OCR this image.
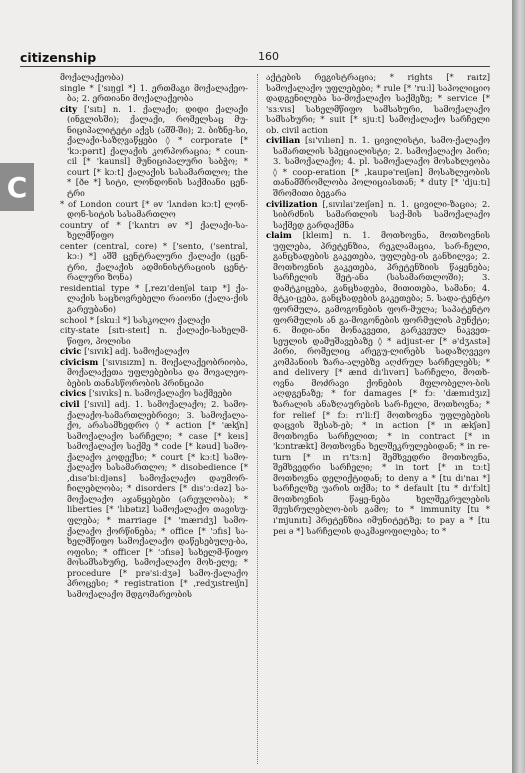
citizenship	160
C

მოქალაქეობა)

single * ['sıŋgl *] 1. ერთმაგი მოქალაქეო-ბა; 2. ერთიანი მოქალაქეობა

city ['sıtı] n. 1. ქალაქი; დიდი ქალაქი (ინგლისში); ქალაქი, რომელსაც მუ-ნიციპალიტეტი აქვს (აშშ-ში); 2. ბიზნე-სი, ქალაქი-საზღვაწყები ◊ * corporate [* 'kɔːpərıt] ქალაქის კორპორაცია; * coun-cil [* 'kaunsl] მუნიციპალური საბჭო; * court [* kɔːt] ქალაქის სასამართლო; the * [ðe *] სიტი, ლონდონის საქმიანი ცენ-ტრი

* of London court [* əv 'lʌndən kɔːt] ლონ-დონ-სიტის სასამართლო

country of * ['kʌntrı əv *] ქალაქი-სა-ხელმწიფო

center (central, core) * ['sento, ('sentral, kɔː) *] აშშ ცენტრალური ქალაქი (ცენ-ტრი, ქალაქის ადმინისტრაციის ცენტ-რალური ზონა)

residential type * [,rezı'denʃəl taıp *] ქა-ლაქის საცხოვრებელი რაიონი (ქალა-ქის გარეუბანი)

school * [skuːl *] სასკოლო ქალაქი

city-state [sıtı-steıt] n. ქალაქი-სახელმ-წიფო, პოლისი

civic ['sıvık] adj. სამოქალაქო

civicism ['sıvısızm] n. მოქალაქეობრიობა, მოქალაქეთა უფლებებისა და მოვალეო-ბების თანასწორობის პრინციპი

civics ['sıvıks] n. სამოქალაქო საქმეები

civil ['sıvıl] adj. 1. სამოქალაქო; 2. სამო-ქალაქო-სამართლებრივი; 3. სამოქალა-ქო, არასამხედრო ◊ * action [* 'ækʃn] სამოქალაქო სარჩელი; * case [* keıs] სამოქალაქო საქმე * code [* kəud] სამო-ქალაქო კოდექსი; * court [* kɔːt] სამო-ქალაქო სასამართლო; * disobedience [* ,dısə'biːdjəns] სამოქალაქო დაუმორ-ჩილებლობა; * disorders [* dıs'ɔːdəz] სა-მოქალაქო აჯანყებები (არეულობა); * liberties [* 'lıbətız] სამოქალაქო თავისუ-ფლება; * marriage [* 'mærıdʒ] სამო-ქალაქო ქორწინება; * office [* 'ɔfıs] სა-ხელმწიფო სამოქალაქო დაწესებულე-ბა, ოფისი; * officer [* 'ɔfısə] სახელმ-წიფო მოსამსახურე, სამოქალაქო მოხ-ელე; * procedure [* prə'siːdʒə] სამო-ქალაქო პროცესი; * registration [* ,redʒıstreıʃn] სამოქალაქო მდგომარეობის

აქტების რეგისტრაცია; * rights [* raıtz] სამოქალაქო უფლებები; * rule [* 'ruːl] საპოლიციო დადგენილება სა-მოქალაქო საქმეზე; * service [* 'sɜːvıs] სახელმწიფო სამსახური, სამოქალაქო სამსახური; * suit [* sjuːt] სამოქალაქო სარჩელი ob. civil action

civilian [sı'vılıən] n. 1. ცივილისტი, სამო-ქალაქო სამართლის სპეციალისტი; 2. სამოქალაქო პირი; 3. სამოქალაქო; 4. pl. სამოქალაქო მოსახლეობა ◊ * coop-eration [* ,kaupə'reıʃən] მოსახლეობის თანამშრომლობა პოლიციასთან; * duty [* 'djuːtı] შრომითი ბეგარა

civilization [,sıvılaı'zeıʃən] n. 1. ცივილი-ზაცია; 2. სიბრძნის სამართლის საქ-მის სამოქალაქო საქმედ გარდაქმნა

claim [kleım] n. 1. მოთხოვნა, მოთხოვნის უფლება, პრეტენზია, რეკლამაცია, სარ-ჩელი, განცხადების გაკეთება, უფლებე-ის განხილვა; 2. მოთხოვნის გაკეთება, პრეტენზიის წაყენება; სარჩელის შეტ-ანა (სასამართლოში); 3. დამტკიცება, განცხადება, მითითება, სამანი; 4. მტკი-ცება, განცხადების გაკეთება; 5. სადა-ტენტო ფორმულა, გამოგონების ფორ-მულა; საპატენტო ფორმულის ან გა-მოგონების ფორმულის პუნქტი; 6. მიდი-ანი მონაკვეთი, გარკვეულ ნაკვეთ-სეულის დამუშავებაზე ◊ * adjust-er [* ə'dʒʌstə] პირი, რომელიც არეგუ-ლირებს სადაზღვევო კომპანიის ზარა-ალებზე აღძრულ სარჩელებს; * and delivery [* ænd dı'lıvərı] სარჩელი, მოთხ-ოვნა მოძრავი ქონების მფლობელო-ბის აღდგენაზე; * for damages [* fɔː 'dæmıdʒız] ზარალის ანაზღაურების სარ-ჩელი, მოთხოვნა; * for relief [* fɔː rı'liːf] მოთხოვნა უფლებების დაცვის შესახ-ებ; * in action [* ın ækʃən] მოთხოვნა სარჩელით; * in contract [* ın 'kɔntrækt] მოთხოვნა ხელშეკრულებიდან; * in re-turn [* ın rı'tɜːn] შემხვედრი მოთხოვნა, შემხვედრი სარჩელი; * in tort [* ın tɔːt] მოთხოვნა დელიქტიდან; to deny a * [tu dı'naı *] სარჩელზე უარის თქმა; to * default [tu * dı'fɔlt] მოთხოვნის წაყე-ნება ხელშეკრულების შეუსრულებლო-ბის გამო; to * immunity [tu * ı'mjunıtı] პრეტენზია იმუნიტეტზე; to pay a * [tu peı ə *] სარჩელის დაკმაყოფილება; to *
